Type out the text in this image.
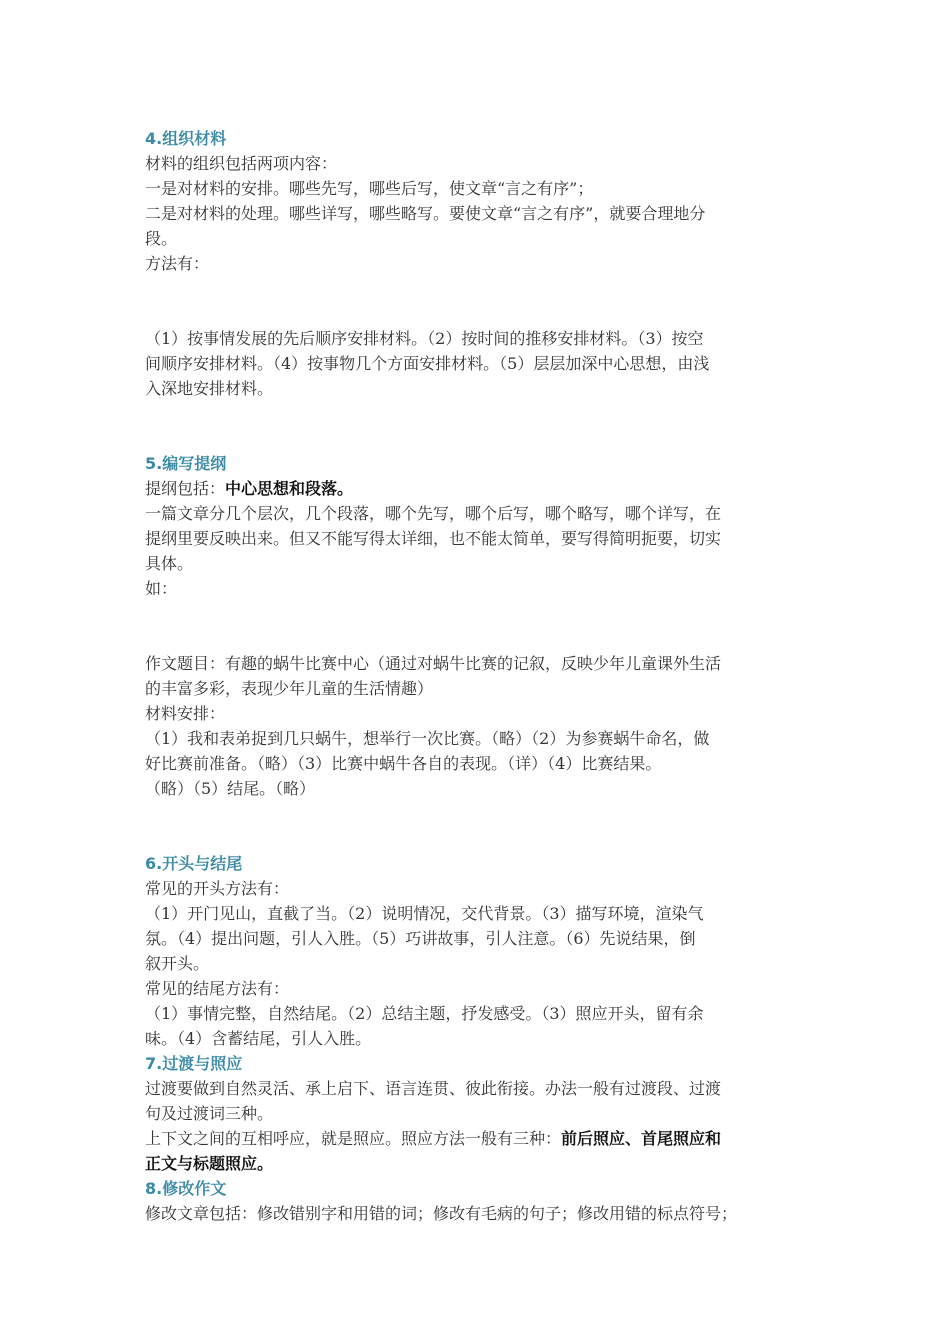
4.组织材料
材料的组织包括两项内容：
一是对材料的安排。哪些先写，哪些后写，使文章“言之有序”；
二是对材料的处理。哪些详写，哪些略写。要使文章“言之有序”，就要合理地分
段。
方法有：
（1）按事情发展的先后顺序安排材料。（2）按时间的推移安排材料。（3）按空
间顺序安排材料。（4）按事物几个方面安排材料。（5）层层加深中心思想，由浅
入深地安排材料。
5.编写提纲
提纲包括：中心思想和段落。
一篇文章分几个层次，几个段落，哪个先写，哪个后写，哪个略写，哪个详写，在
提纲里要反映出来。但又不能写得太详细，也不能太简单，要写得简明扼要，切实
具体。
如：
作文题目：有趣的蜗牛比赛中心（通过对蜗牛比赛的记叙，反映少年儿童课外生活
的丰富多彩，表现少年儿童的生活情趣）
材料安排：
（1）我和表弟捉到几只蜗牛，想举行一次比赛。（略）（2）为参赛蜗牛命名，做
好比赛前准备。（略）（3）比赛中蜗牛各自的表现。（详）（4）比赛结果。
（略）（5）结尾。（略）
6.开头与结尾
常见的开头方法有：
（1）开门见山，直截了当。（2）说明情况，交代背景。（3）描写环境，渲染气
氛。（4）提出问题，引人入胜。（5）巧讲故事，引人注意。（6）先说结果，倒
叙开头。
常见的结尾方法有：
（1）事情完整，自然结尾。（2）总结主题，抒发感受。（3）照应开头，留有余
味。（4）含蓄结尾，引人入胜。
7.过渡与照应
过渡要做到自然灵活、承上启下、语言连贯、彼此衔接。办法一般有过渡段、过渡
句及过渡词三种。
上下文之间的互相呼应，就是照应。照应方法一般有三种：前后照应、首尾照应和
正文与标题照应。
8.修改作文
修改文章包括：修改错别字和用错的词；修改有毛病的句子；修改用错的标点符号；
